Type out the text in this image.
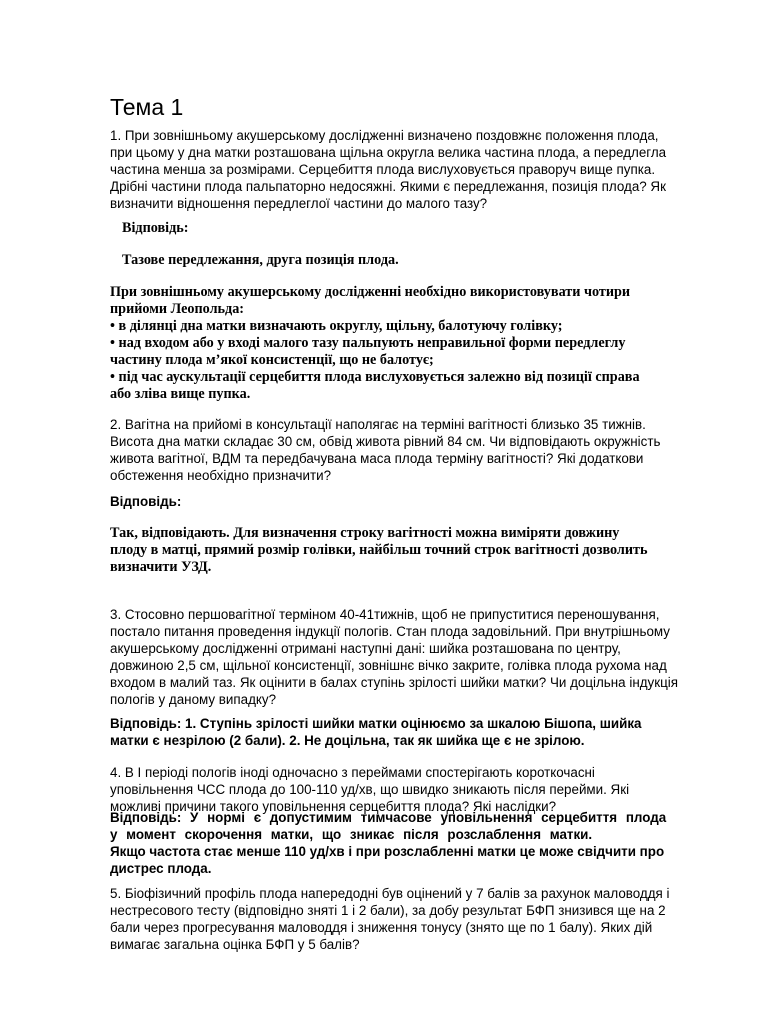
Тема 1
1. При зовнішньому акушерському дослідженні визначено поздовжнє положення плода,
при цьому у дна матки розташована щільна округла велика частина плода, а передлегла
частина менша за розмірами. Серцебиття плода вислуховується праворуч вище пупка.
Дрібні частини плода пальпаторно недосяжні. Якими є передлежання, позиція плода? Як
визначити відношення передлеглої частини до малого тазу?
Відповідь:
Тазове передлежання, друга позиція плода.
При зовнішньому акушерському дослідженні необхідно використовувати чотири
прийоми Леопольда:
• в ділянці дна матки визначають округлу, щільну, балотуючу голівку;
• над входом або у вході малого тазу пальпують неправильної форми передлеглу
частину плода м’якої консистенції, що не балотує;
• під час аускультації серцебиття плода вислуховується залежно від позиції справа
або зліва вище пупка.
2. Вагітна на прийомі в консультації наполягає на терміні вагітності близько 35 тижнів.
Висота дна матки складає 30 см, обвід живота рівний 84 см. Чи відповідають окружність
живота вагітної, ВДМ та передбачувана маса плода терміну вагітності? Які додаткови
обстеження необхідно призначити?
Відповідь:
Так, відповідають. Для визначення строку вагітності можна виміряти довжину
плоду в матці, прямий розмір голівки, найбільш точний строк вагітності дозволить
визначити УЗД.
3. Стосовно першовагітної терміном 40-41тижнів, щоб не припуститися переношування,
постало питання проведення індукції пологів. Стан плода задовільний. При внутрішньому
акушерському дослідженні отримані наступні дані: шийка розташована по центру,
довжиною 2,5 см, щільної консистенції, зовнішнє вічко закрите, голівка плода рухома над
входом в малий таз. Як оцінити в балах ступінь зрілості шийки матки? Чи доцільна індукція
пологів у даному випадку?
Відповідь: 1. Ступінь зрілості шийки матки оцінюємо за шкалою Бішопа, шийка
матки є незрілою (2 бали). 2. Не доцільна, так як шийка ще є не зрілою.
4. В І періоді пологів іноді одночасно з переймами спостерігають короткочасні
уповільнення ЧСС плода до 100-110 уд/хв, що швидко зникають після перейми. Які
можливі причини такого уповільнення серцебиття плода? Які наслідки?
Відповідь: У нормі є допустимим тимчасове уповільнення серцебиття плода
у момент скорочення матки, що зникає після розслаблення матки.
Якщо частота стає менше 110 уд/хв і при розслабленні матки це може свідчити про
дистрес плода.
5. Біофізичний профіль плода напередодні був оцінений у 7 балів за рахунок маловоддя і
нестресового тесту (відповідно зняті 1 і 2 бали), за добу результат БФП знизився ще на 2
бали через прогресування маловоддя і зниження тонусу (знято ще по 1 балу). Яких дій
вимагає загальна оцінка БФП у 5 балів?
